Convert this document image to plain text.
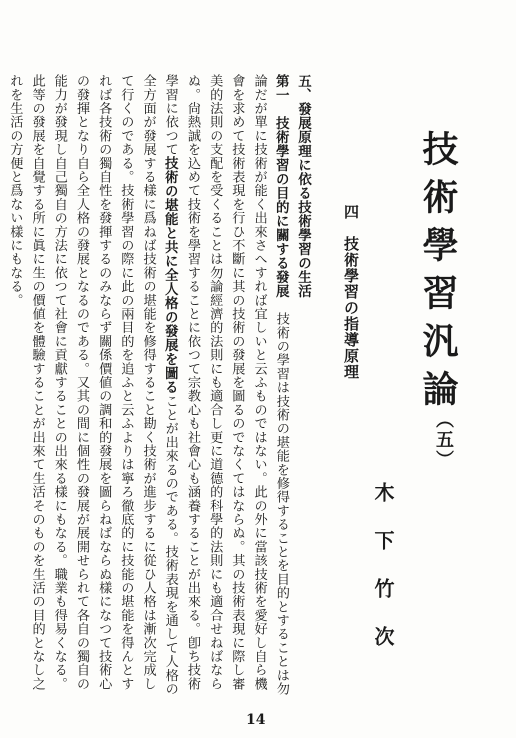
技術學習汎論
（五）
木下竹次
四　技術學習の指導原理

五、發展原理に依る技術學習の生活

第一　技術學習の目的に關する發展　技術の學習は技術の堪能を修得することを目的とすることは勿論だが單に技術が能く出來さへすれば宜しいと云ふものではない。此の外に當該技術を愛好し自ら機會を求めて技術表現を行ひ不斷に其の技術の發展を圖るのでなくてはならぬ。其の技術表現に際し審美的法則の支配を受くることは勿論經濟的法則にも適合し更に道德的科學的法則にも適合せねばならぬ。尙熱誠を込めて技術を學習することに依つて宗教心も社會心も涵養することが出來る。卽ち技術學習に依つて技術の堪能と共に全人格の發展を圖ることが出來るのである。技術表現を通して人格の全方面が發展する樣に爲ねば技術の堪能を修得すること勘く技術が進步するに從ひ人格は漸次完成して行くのである。技術學習の際に此の兩目的を追ふと云ふよりは寧ろ徹底的に技能の堪能を得んとすれば各技術の獨自性を發揮するのみならず關係價値の調和的發展を圖らねばならぬ樣になつて技術心の發揮となり自ら全人格の發展となるのである。又其の間に個性の發展が展開せられて各自の獨自の能力が發現し自己獨自の方法に依つて社會に貢獻することの出來る樣にもなる。職業も得易くなる。此等の發展を自覺する所に眞に生の價値を體驗することが出來て生活そのものを生活の目的となし之れを生活の方便と爲ない樣にもなる。

14
